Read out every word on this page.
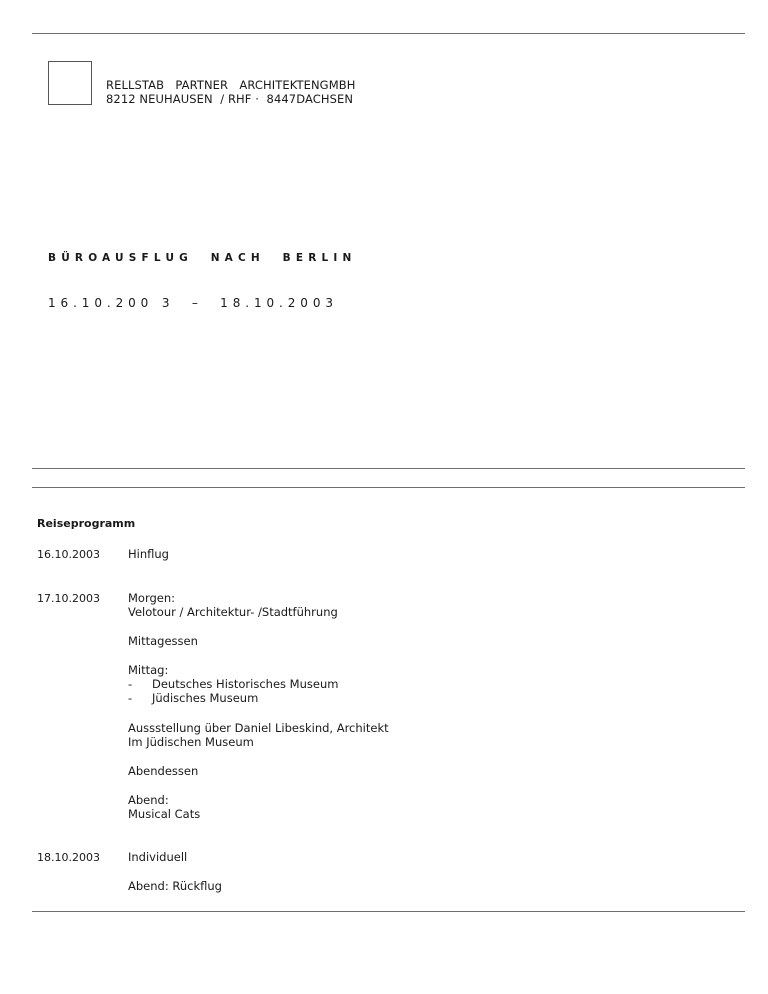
RELLSTAB   PARTNER   ARCHITEKTENGMBH
8212 NEUHAUSEN  / RHF ·  8447DACHSEN
BÜROAUSFLUG  NACH  BERLIN
16.10.200 3  –  18.10.2003
Reiseprogramm
16.10.2003 Hinflug
17.10.2003 Morgen:
Velotour / Architektur- /Stadtführung
Mittagessen
Mittag:
- Deutsches Historisches Museum
- Jüdisches Museum
Aussstellung über Daniel Libeskind, Architekt
Im Jüdischen Museum
Abendessen
Abend:
Musical Cats
18.10.2003 Individuell
Abend: Rückflug
